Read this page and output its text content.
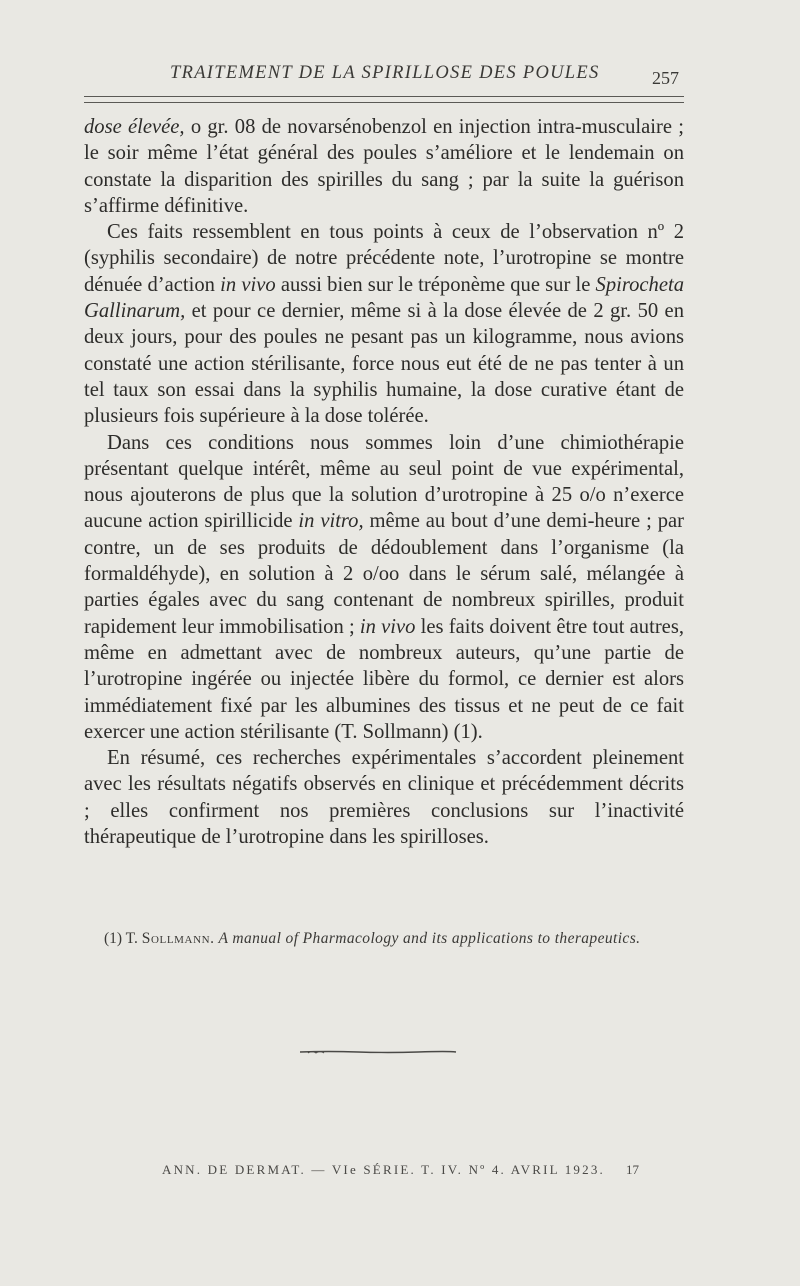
TRAITEMENT DE LA SPIRILLOSE DES POULES	257

dose élevée, o gr. 08 de novarsénobenzol en injection intra-musculaire ; le soir même l’état général des poules s’améliore et le lendemain on constate la disparition des spirilles du sang ; par la suite la guérison s’affirme définitive.

Ces faits ressemblent en tous points à ceux de l’observation nº 2 (syphilis secondaire) de notre précédente note, l’urotropine se montre dénuée d’action in vivo aussi bien sur le tréponème que sur le Spirocheta Gallinarum, et pour ce dernier, même si à la dose élevée de 2 gr. 50 en deux jours, pour des poules ne pesant pas un kilogramme, nous avions constaté une action stérilisante, force nous eut été de ne pas tenter à un tel taux son essai dans la syphilis humaine, la dose curative étant de plusieurs fois supérieure à la dose tolérée.

Dans ces conditions nous sommes loin d’une chimiothérapie présentant quelque intérêt, même au seul point de vue expérimental, nous ajouterons de plus que la solution d’urotropine à 25 o/o n’exerce aucune action spirillicide in vitro, même au bout d’une demi-heure ; par contre, un de ses produits de dédoublement dans l’organisme (la formaldéhyde), en solution à 2 o/oo dans le sérum salé, mélangée à parties égales avec du sang contenant de nombreux spirilles, produit rapidement leur immobilisation ; in vivo les faits doivent être tout autres, même en admettant avec de nombreux auteurs, qu’une partie de l’urotropine ingérée ou injectée libère du formol, ce dernier est alors immédiatement fixé par les albumines des tissus et ne peut de ce fait exercer une action stérilisante (T. Sollmann) (1).

En résumé, ces recherches expérimentales s’accordent pleinement avec les résultats négatifs observés en clinique et précédemment décrits ; elles confirment nos premières conclusions sur l’inactivité thérapeutique de l’urotropine dans les spirilloses.

(1) T. Sollmann. A manual of Pharmacology and its applications to therapeutics.
ANN. DE DERMAT. — VIe SÉRIE. T. IV. Nº 4. AVRIL 1923. 17
